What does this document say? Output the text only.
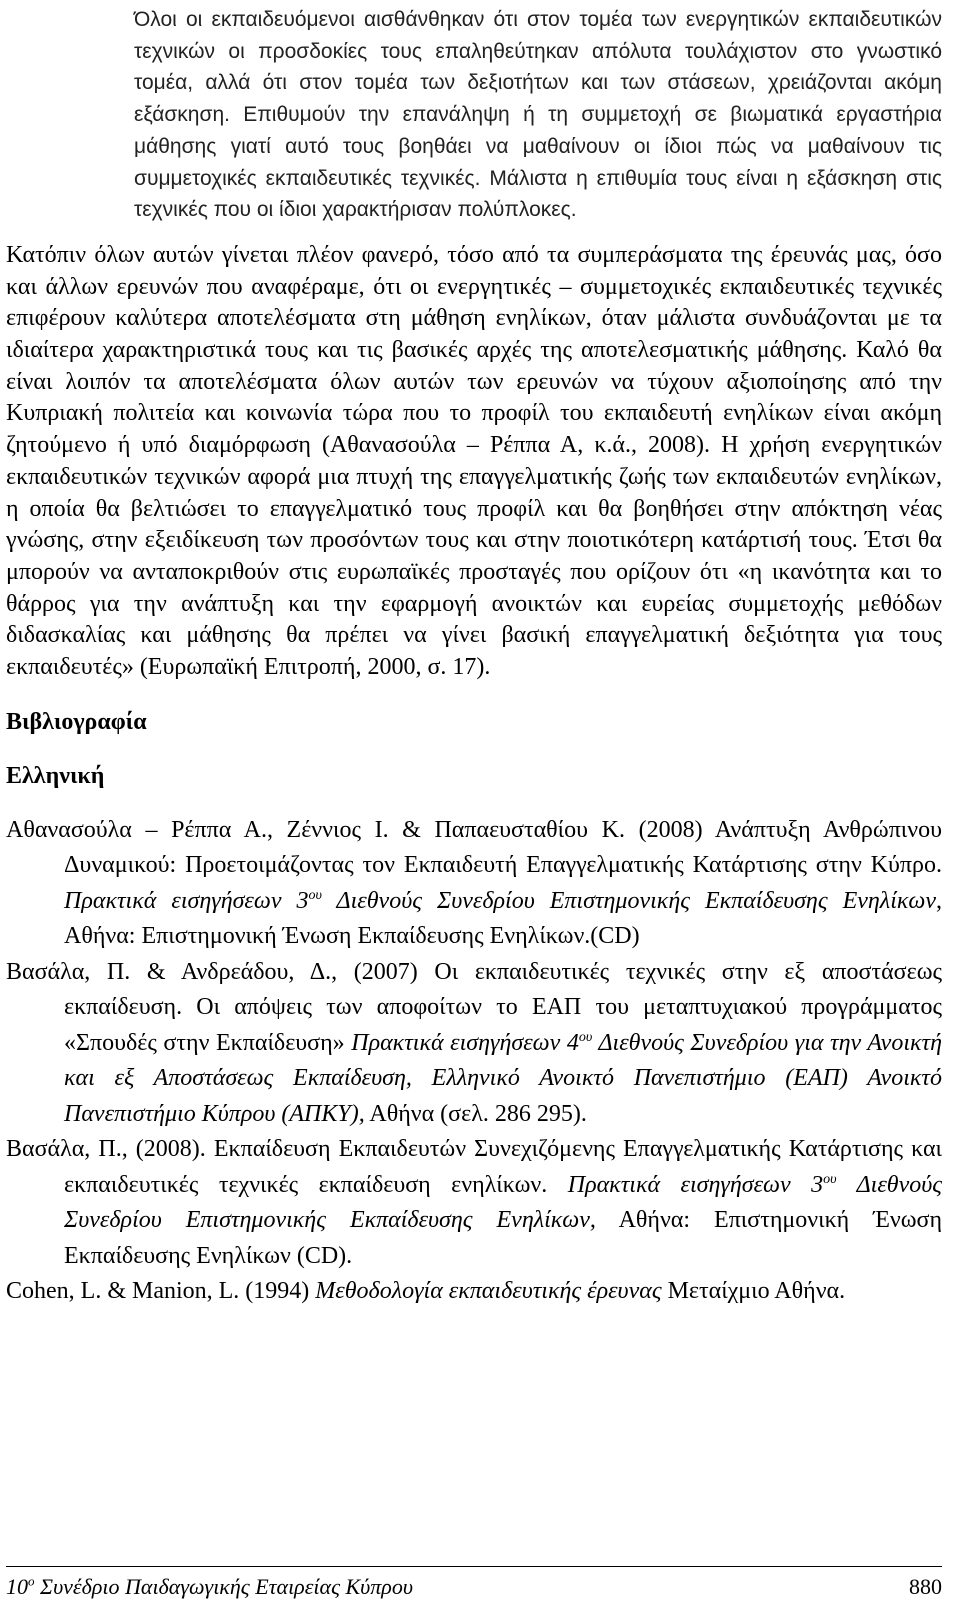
Όλοι οι εκπαιδευόμενοι αισθάνθηκαν ότι στον τομέα των ενεργητικών εκπαιδευτικών τεχνικών οι προσδοκίες τους επαληθεύτηκαν απόλυτα τουλάχιστον στο γνωστικό τομέα, αλλά ότι στον τομέα των δεξιοτήτων και των στάσεων, χρειάζονται ακόμη εξάσκηση. Επιθυμούν την επανάληψη ή τη συμμετοχή σε βιωματικά εργαστήρια μάθησης γιατί αυτό τους βοηθάει να μαθαίνουν οι ίδιοι πώς να μαθαίνουν τις συμμετοχικές εκπαιδευτικές τεχνικές. Μάλιστα η επιθυμία τους είναι η εξάσκηση στις τεχνικές που οι ίδιοι χαρακτήρισαν πολύπλοκες.

Κατόπιν όλων αυτών γίνεται πλέον φανερό, τόσο από τα συμπεράσματα της έρευνάς μας, όσο και άλλων ερευνών που αναφέραμε, ότι οι ενεργητικές – συμμετοχικές εκπαιδευτικές τεχνικές επιφέρουν καλύτερα αποτελέσματα στη μάθηση ενηλίκων, όταν μάλιστα συνδυάζονται με τα ιδιαίτερα χαρακτηριστικά τους και τις βασικές αρχές της αποτελεσματικής μάθησης. Καλό θα είναι λοιπόν τα αποτελέσματα όλων αυτών των ερευνών να τύχουν αξιοποίησης από την Κυπριακή πολιτεία και κοινωνία τώρα που το προφίλ του εκπαιδευτή ενηλίκων είναι ακόμη ζητούμενο ή υπό διαμόρφωση (Αθανασούλα – Ρέππα Α, κ.ά., 2008). Η χρήση ενεργητικών εκπαιδευτικών τεχνικών αφορά μια πτυχή της επαγγελματικής ζωής των εκπαιδευτών ενηλίκων, η οποία θα βελτιώσει το επαγγελματικό τους προφίλ και θα βοηθήσει στην απόκτηση νέας γνώσης, στην εξειδίκευση των προσόντων τους και στην ποιοτικότερη κατάρτισή τους. Έτσι θα μπορούν να ανταποκριθούν στις ευρωπαϊκές προσταγές που ορίζουν ότι «η ικανότητα και το θάρρος για την ανάπτυξη και την εφαρμογή ανοικτών και ευρείας συμμετοχής μεθόδων διδασκαλίας και μάθησης θα πρέπει να γίνει βασική επαγγελματική δεξιότητα για τους εκπαιδευτές» (Ευρωπαϊκή Επιτροπή, 2000, σ. 17).

Βιβλιογραφία
Ελληνική

Αθανασούλα – Ρέππα Α., Ζέννιος Ι. & Παπαευσταθίου Κ. (2008) Ανάπτυξη Ανθρώπινου Δυναμικού: Προετοιμάζοντας τον Εκπαιδευτή Επαγγελματικής Κατάρτισης στην Κύπρο. Πρακτικά εισηγήσεων $3^{o\upsilon}$ Διεθνούς Συνεδρίου Επιστημονικής Εκπαίδευσης Ενηλίκων, Αθήνα: Επιστημονική Ένωση Εκπαίδευσης Ενηλίκων.(CD)

Βασάλα, Π. & Ανδρεάδου, Δ., (2007) Οι εκπαιδευτικές τεχνικές στην εξ αποστάσεως εκπαίδευση. Οι απόψεις των αποφοίτων το ΕΑΠ του μεταπτυχιακού προγράμματος «Σπουδές στην Εκπαίδευση» Πρακτικά εισηγήσεων $4^{o\upsilon}$ Διεθνούς Συνεδρίου για την Ανοικτή και εξ Αποστάσεως Εκπαίδευση, Ελληνικό Ανοικτό Πανεπιστήμιο (ΕΑΠ) Ανοικτό Πανεπιστήμιο Κύπρου (ΑΠΚΥ), Αθήνα (σελ. 286 295).

Βασάλα, Π., (2008). Εκπαίδευση Εκπαιδευτών Συνεχιζόμενης Επαγγελματικής Κατάρτισης και εκπαιδευτικές τεχνικές εκπαίδευση ενηλίκων. Πρακτικά εισηγήσεων $3^{o\upsilon}$ Διεθνούς Συνεδρίου Επιστημονικής Εκπαίδευσης Ενηλίκων, Αθήνα: Επιστημονική Ένωση Εκπαίδευσης Ενηλίκων (CD).

Cohen, L. & Manion, L. (1994) Μεθοδολογία εκπαιδευτικής έρευνας Μεταίχμιο Αθήνα.

$10^o$ Συνέδριο Παιδαγωγικής Εταιρείας Κύπρου	880
